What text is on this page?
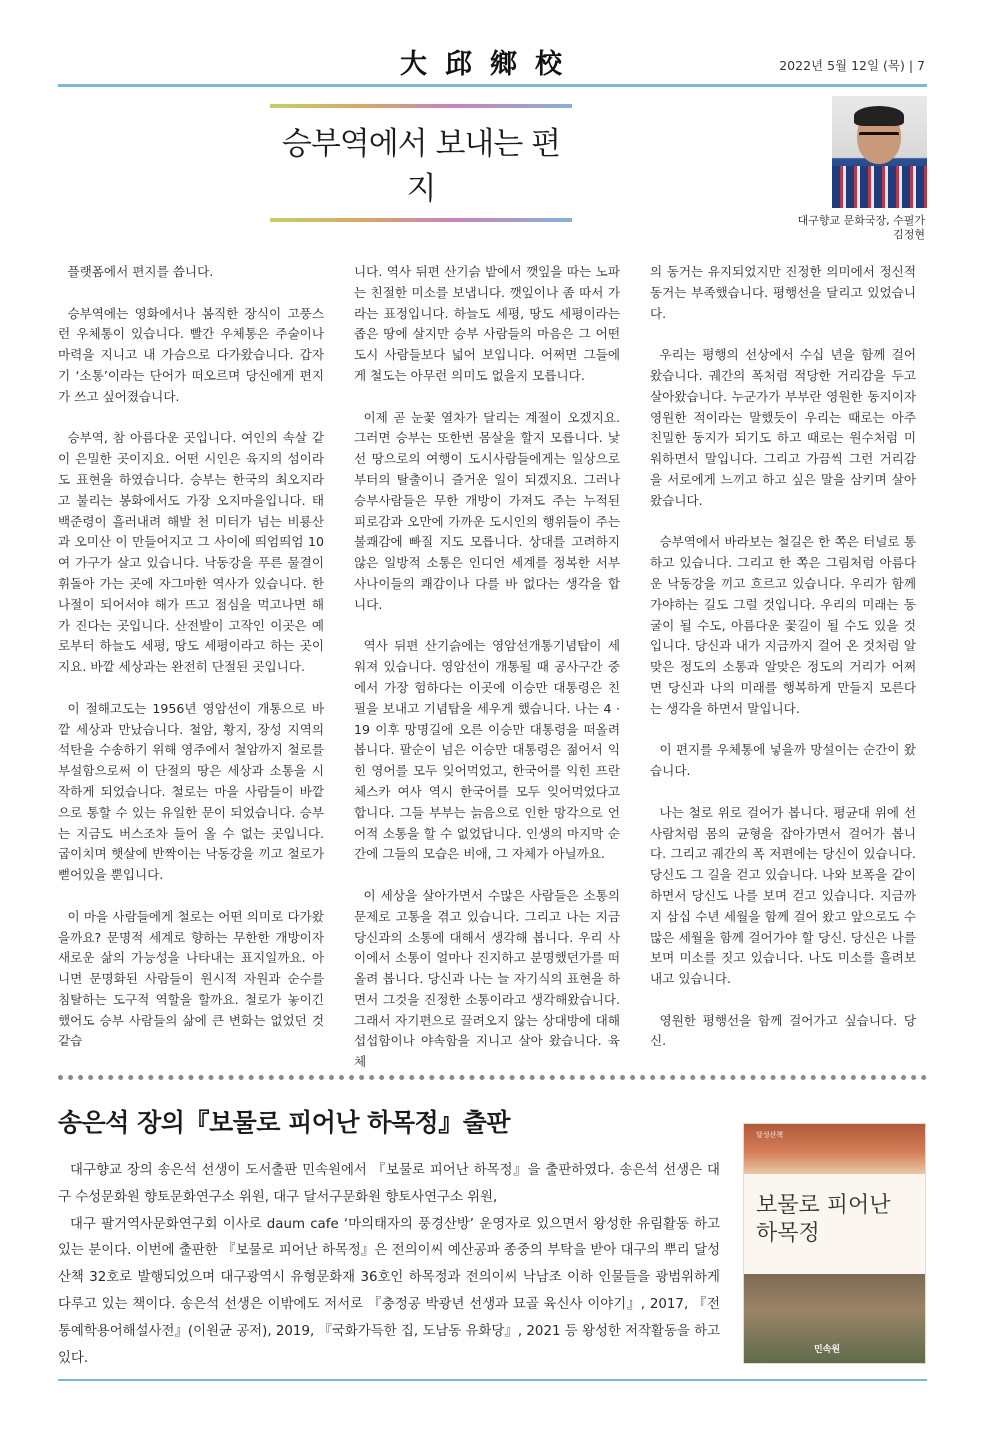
大邱鄉校	2022년 5월 12일 (목) | 7
승부역에서 보내는 편지
대구향교 문화국장, 수필가
김정현

플랫폼에서 편지를 씁니다.

승부역에는 영화에서나 봄직한 장식이 고풍스런 우체통이 있습니다. 빨간 우체통은 주술이나 마력을 지니고 내 가슴으로 다가왔습니다. 갑자기 ‘소통’이라는 단어가 떠오르며 당신에게 편지가 쓰고 싶어졌습니다.

승부역, 참 아름다운 곳입니다. 여인의 속살 같이 은밀한 곳이지요. 어떤 시인은 육지의 섬이라도 표현을 하였습니다. 승부는 한국의 최오지라고 불리는 봉화에서도 가장 오지마을입니다. 태백준령이 흘러내려 해발 천 미터가 넘는 비룡산과 오미산 이 만들어지고 그 사이에 띄엄띄엄 10여 가구가 살고 있습니다. 낙동강을 푸른 물결이 휘돌아 가는 곳에 자그마한 역사가 있습니다. 한나절이 되어서야 해가 뜨고 점심을 먹고나면 해가 진다는 곳입니다. 산전발이 고작인 이곳은 예로부터 하늘도 세평, 땅도 세평이라고 하는 곳이지요. 바깥 세상과는 완전히 단절된 곳입니다.

이 절해고도는 1956년 영암선이 개통으로 바깥 세상과 만났습니다. 철암, 황지, 장성 지역의 석탄을 수송하기 위해 영주에서 철암까지 철로를 부설함으로써 이 단절의 땅은 세상과 소통을 시작하게 되었습니다. 철로는 마을 사람들이 바깥으로 통할 수 있는 유일한 문이 되었습니다. 승부는 지금도 버스조차 들어 올 수 없는 곳입니다. 굽이치며 햇살에 반짝이는 낙동강을 끼고 철로가 뻗어있을 뿐입니다.

이 마을 사람들에게 철로는 어떤 의미로 다가왔을까요? 문명적 세계로 향하는 무한한 개방이자 새로운 삶의 가능성을 나타내는 표지일까요. 아니면 문명화된 사람들이 원시적 자원과 순수를 침탈하는 도구적 역할을 할까요. 철로가 놓이긴 했어도 승부 사람들의 삶에 큰 변화는 없었던 것 같습

니다. 역사 뒤편 산기슭 밭에서 깻잎을 따는 노파는 친절한 미소를 보냅니다. 깻잎이나 좀 따서 가라는 표정입니다. 하늘도 세평, 땅도 세평이라는 좁은 땅에 살지만 승부 사람들의 마음은 그 어떤 도시 사람들보다 넓어 보입니다. 어쩌면 그들에게 철도는 아무런 의미도 없을지 모릅니다.

이제 곧 눈꽃 열차가 달리는 계절이 오겠지요. 그러면 승부는 또한번 몸살을 할지 모릅니다. 낯선 땅으로의 여행이 도시사람들에게는 일상으로부터의 탈출이니 즐거운 일이 되겠지요. 그러나 승부사람들은 무한 개방이 가져도 주는 누적된 피로감과 오만에 가까운 도시인의 행위들이 주는 불쾌감에 빠질 지도 모릅니다. 상대를 고려하지 않은 일방적 소통은 인디언 세계를 정복한 서부사나이들의 쾌감이나 다를 바 없다는 생각을 합니다.

역사 뒤편 산기슭에는 영암선개통기념탑이 세워져 있습니다. 영암선이 개통될 때 공사구간 중에서 가장 험하다는 이곳에 이승만 대통령은 친필을 보내고 기념탑을 세우게 했습니다. 나는 4 · 19 이후 망명길에 오른 이승만 대통령을 떠올려봅니다. 팔순이 넘은 이승만 대통령은 젊어서 익힌 영어를 모두 잊어먹었고, 한국어를 익힌 프란체스카 여사 역시 한국어를 모두 잊어먹었다고 합니다. 그들 부부는 늙음으로 인한 망각으로 언어적 소통을 할 수 없었답니다. 인생의 마지막 순간에 그들의 모습은 비애, 그 자체가 아닐까요.

이 세상을 살아가면서 수많은 사람들은 소통의 문제로 고통을 겪고 있습니다. 그리고 나는 지금 당신과의 소통에 대해서 생각해 봅니다. 우리 사이에서 소통이 얼마나 진지하고 분명했던가를 떠올려 봅니다. 당신과 나는 늘 자기식의 표현을 하면서 그것을 진정한 소통이라고 생각해왔습니다. 그래서 자기편으로 끌려오지 않는 상대방에 대해 섭섭함이나 야속함을 지니고 살아 왔습니다. 육체

의 동거는 유지되었지만 진정한 의미에서 정신적 동거는 부족했습니다. 평행선을 달리고 있었습니다.

우리는 평행의 선상에서 수십 년을 함께 걸어 왔습니다. 궤간의 폭처럼 적당한 거리감을 두고 살아왔습니다. 누군가가 부부란 영원한 동지이자 영원한 적이라는 말했듯이 우리는 때로는 아주 친밀한 동지가 되기도 하고 때로는 원수처럼 미워하면서 말입니다. 그리고 가끔씩 그런 거리감을 서로에게 느끼고 하고 싶은 말을 삼키며 살아왔습니다.

승부역에서 바라보는 철길은 한 쪽은 터널로 통하고 있습니다. 그리고 한 쪽은 그림처럼 아름다운 낙동강을 끼고 흐르고 있습니다. 우리가 함께 가야하는 길도 그럴 것입니다. 우리의 미래는 동굴이 될 수도, 아름다운 꽃길이 될 수도 있을 것입니다. 당신과 내가 지금까지 걸어 온 것처럼 알맞은 정도의 소통과 알맞은 정도의 거리가 어쩌면 당신과 나의 미래를 행복하게 만들지 모른다는 생각을 하면서 말입니다.

이 편지를 우체통에 넣을까 망설이는 순간이 왔습니다.

나는 철로 위로 걸어가 봅니다. 평균대 위에 선 사람처럼 몸의 균형을 잡아가면서 걸어가 봅니다. 그리고 궤간의 폭 저편에는 당신이 있습니다. 당신도 그 길을 걷고 있습니다. 나와 보폭을 같이 하면서 당신도 나를 보며 걷고 있습니다. 지금까지 삼십 수년 세월을 함께 걸어 왔고 앞으로도 수많은 세월을 함께 걸어가야 할 당신. 당신은 나를 보며 미소를 짓고 있습니다. 나도 미소를 흘려보내고 있습니다.

영원한 평행선을 함께 걸어가고 싶습니다. 당신.

송은석 장의『보물로 피어난 하목정』출판

대구향교 장의 송은석 선생이 도서출판 민속원에서 『보물로 피어난 하목정』을 출판하였다. 송은석 선생은 대구 수성문화원 향토문화연구소 위원, 대구 달서구문화원 향토사연구소 위원,

대구 팔거역사문화연구회 이사로 daum cafe ‘마의태자의 풍경산방’ 운영자로 있으면서 왕성한 유림활동 하고 있는 분이다. 이번에 출판한 『보물로 피어난 하목정』은 전의이씨 예산공파 종중의 부탁을 받아 대구의 뿌리 달성산책 32호로 발행되었으며 대구광역시 유형문화재 36호인 하목정과 전의이씨 낙남조 이하 인물들을 광범위하게 다루고 있는 책이다. 송은석 선생은 이밖에도 저서로 『충정공 박광년 선생과 묘골 육신사 이야기』, 2017, 『전통예학용어해설사전』(이원균 공저), 2019, 『국화가득한 집, 도남동 유화당』, 2021 등 왕성한 저작활동을 하고 있다.

달성산책
보물로 피어난
하목정
민속원
